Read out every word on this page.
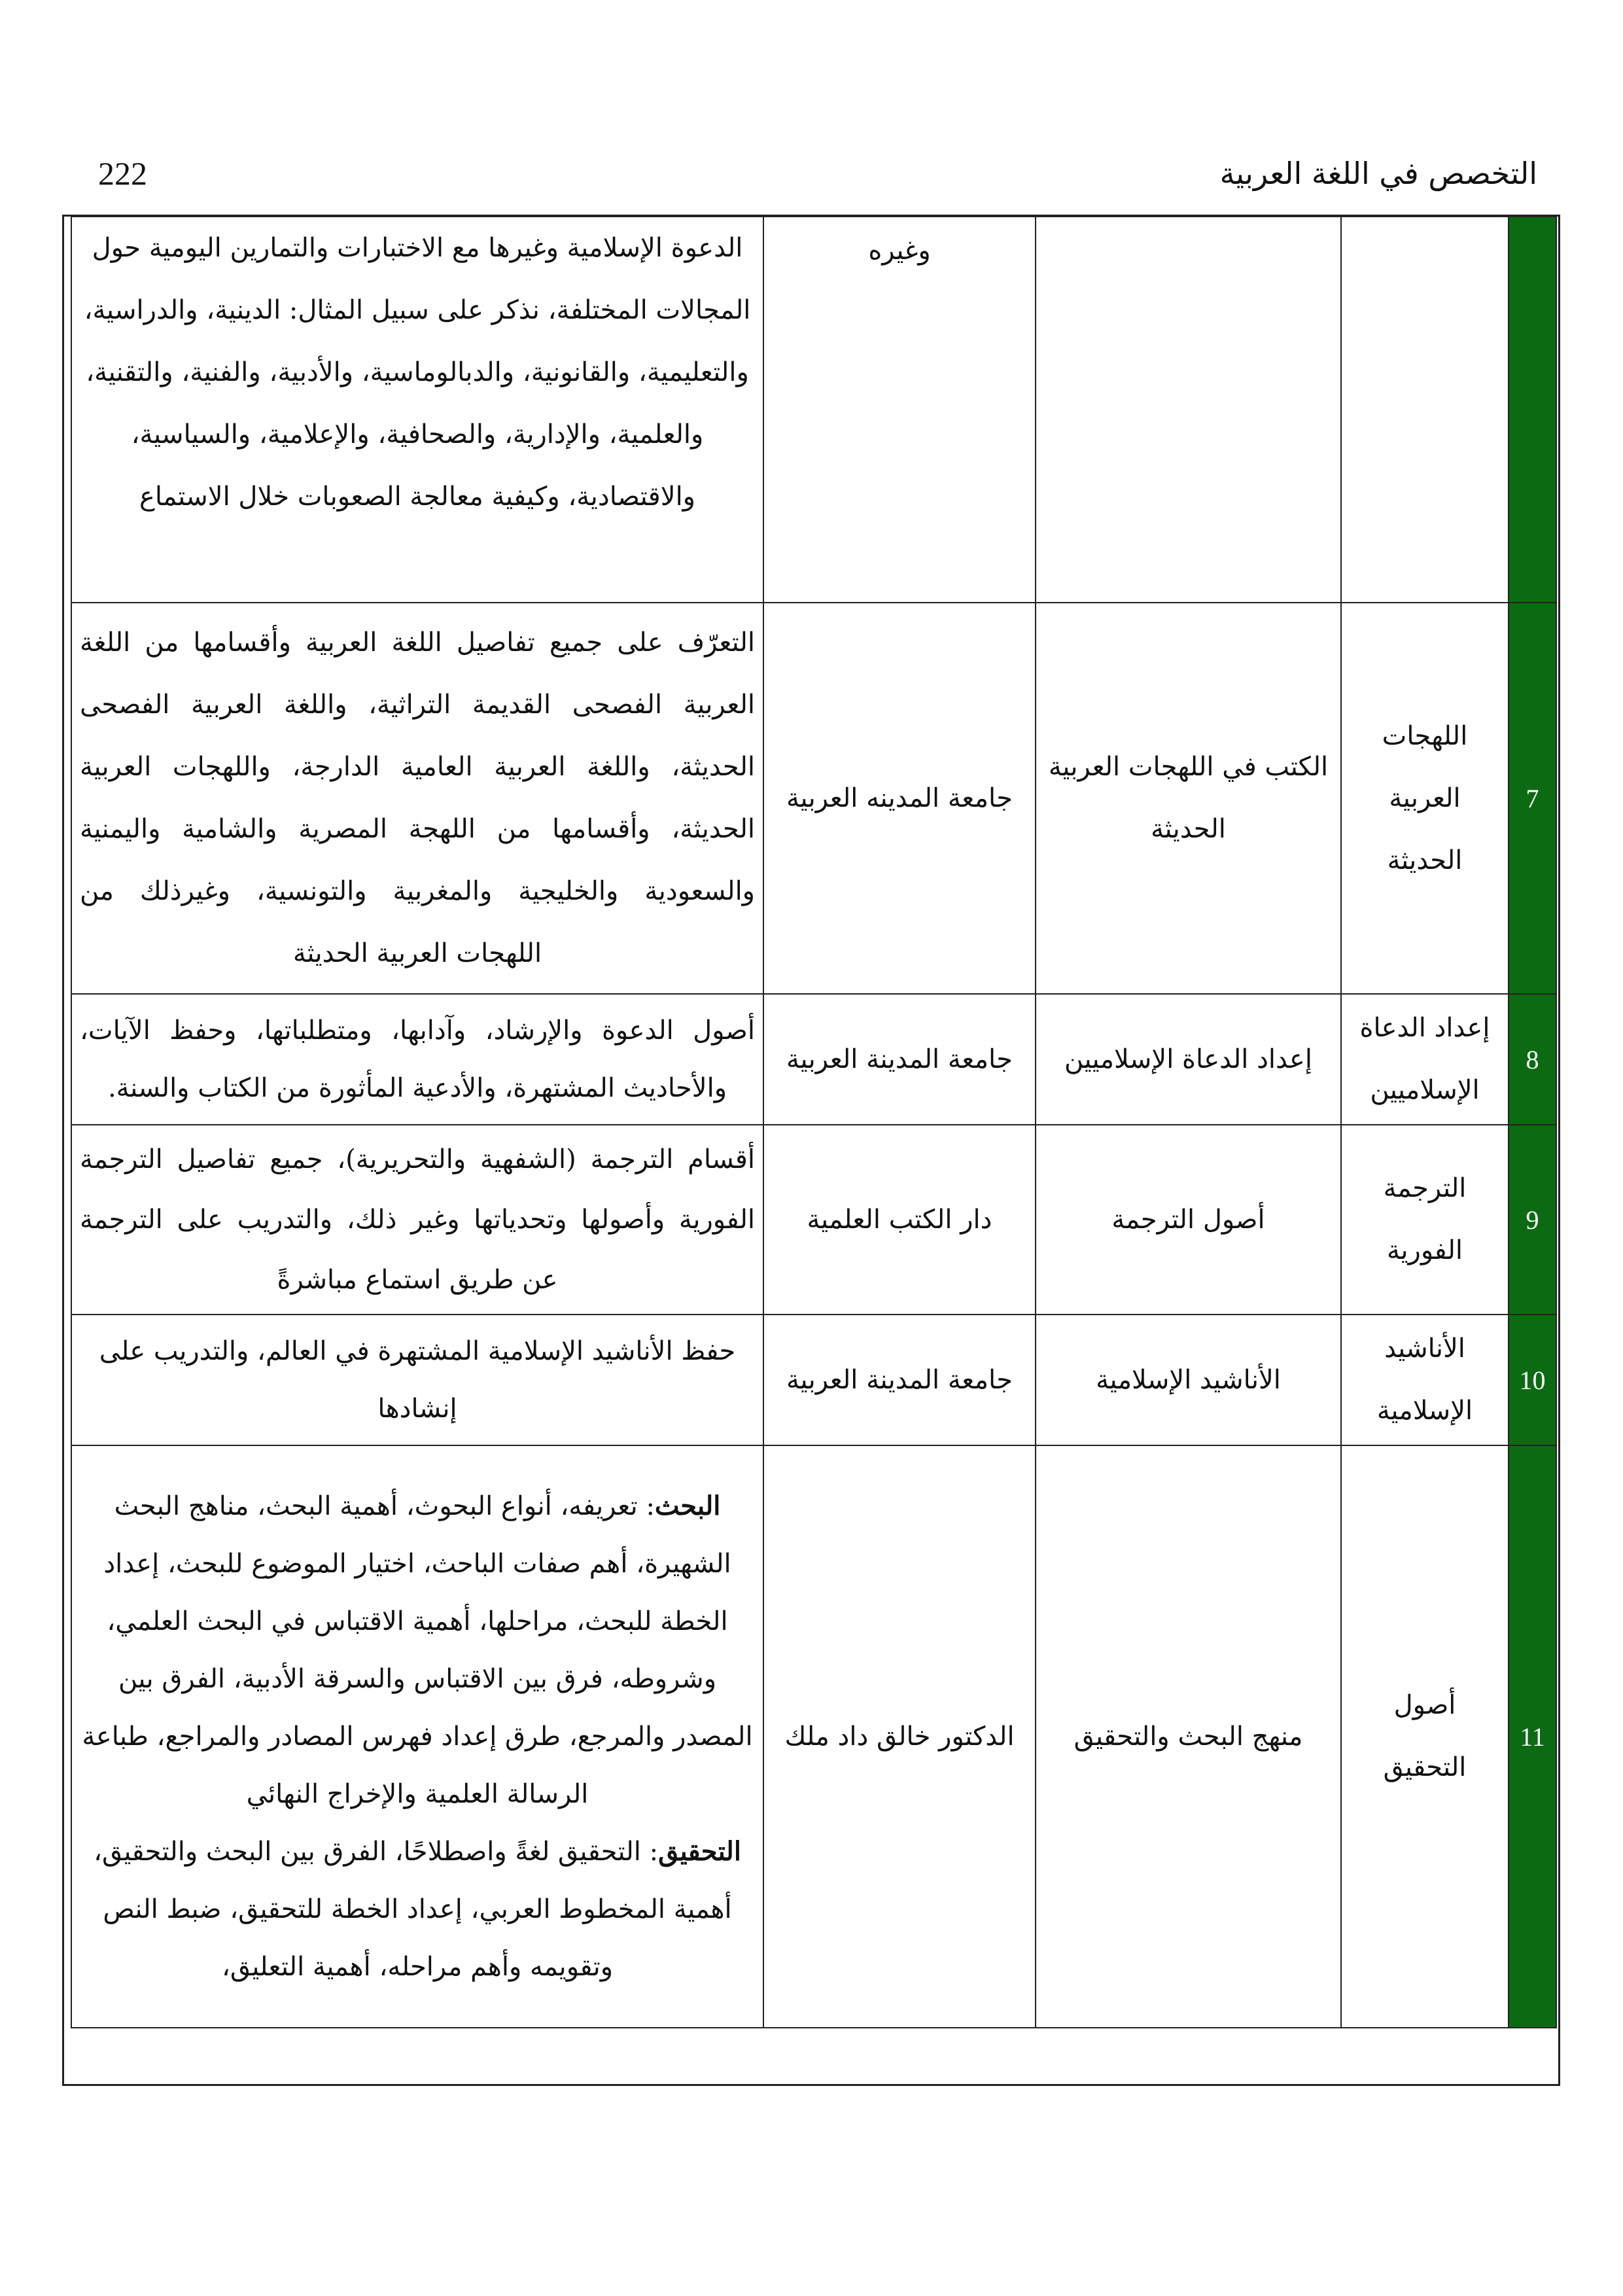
222	التخصص في اللغة العربية
			وغيره	الدعوة الإسلامية وغيرها مع الاختبارات والتمارين اليومية حول المجالات المختلفة، نذكر على سبيل المثال: الدينية، والدراسية، والتعليمية، والقانونية، والدبالوماسية، والأدبية، والفنية، والتقنية، والعلمية، والإدارية، والصحافية، والإعلامية، والسياسية، والاقتصادية، وكيفية معالجة الصعوبات خلال الاستماع
7	اللهجات العربية الحديثة	الكتب في اللهجات العربية الحديثة	جامعة المدينه العربية	التعرّف على جميع تفاصيل اللغة العربية وأقسامها من اللغة العربية الفصحى القديمة التراثية، واللغة العربية الفصحى الحديثة، واللغة العربية العامية الدارجة، واللهجات العربية الحديثة، وأقسامها من اللهجة المصرية والشامية واليمنية والسعودية والخليجية والمغربية والتونسية، وغيرذلك من اللهجات العربية الحديثة
8	إعداد الدعاة الإسلاميين	إعداد الدعاة الإسلاميين	جامعة المدينة العربية	أصول الدعوة والإرشاد، وآدابها، ومتطلباتها، وحفظ الآيات، والأحاديث المشتهرة، والأدعية المأثورة من الكتاب والسنة.
9	الترجمة الفورية	أصول الترجمة	دار الكتب العلمية	أقسام الترجمة (الشفهية والتحريرية)، جميع تفاصيل الترجمة الفورية وأصولها وتحدياتها وغير ذلك، والتدريب على الترجمة عن طريق استماع مباشرةً
10	الأناشيد الإسلامية	الأناشيد الإسلامية	جامعة المدينة العربية	حفظ الأناشيد الإسلامية المشتهرة في العالم، والتدريب على إنشادها
11	أصول التحقيق	منهج البحث والتحقيق	الدكتور خالق داد ملك	البحث: تعريفه، أنواع البحوث، أهمية البحث، مناهج البحث الشهيرة، أهم صفات الباحث، اختيار الموضوع للبحث، إعداد الخطة للبحث، مراحلها، أهمية الاقتباس في البحث العلمي، وشروطه، فرق بين الاقتباس والسرقة الأدبية، الفرق بين المصدر والمرجع، طرق إعداد فهرس المصادر والمراجع، طباعة الرسالة العلمية والإخراج النهائي
التحقيق: التحقيق لغةً واصطلاحًا، الفرق بين البحث والتحقيق، أهمية المخطوط العربي، إعداد الخطة للتحقيق، ضبط النص وتقويمه وأهم مراحله، أهمية التعليق،
